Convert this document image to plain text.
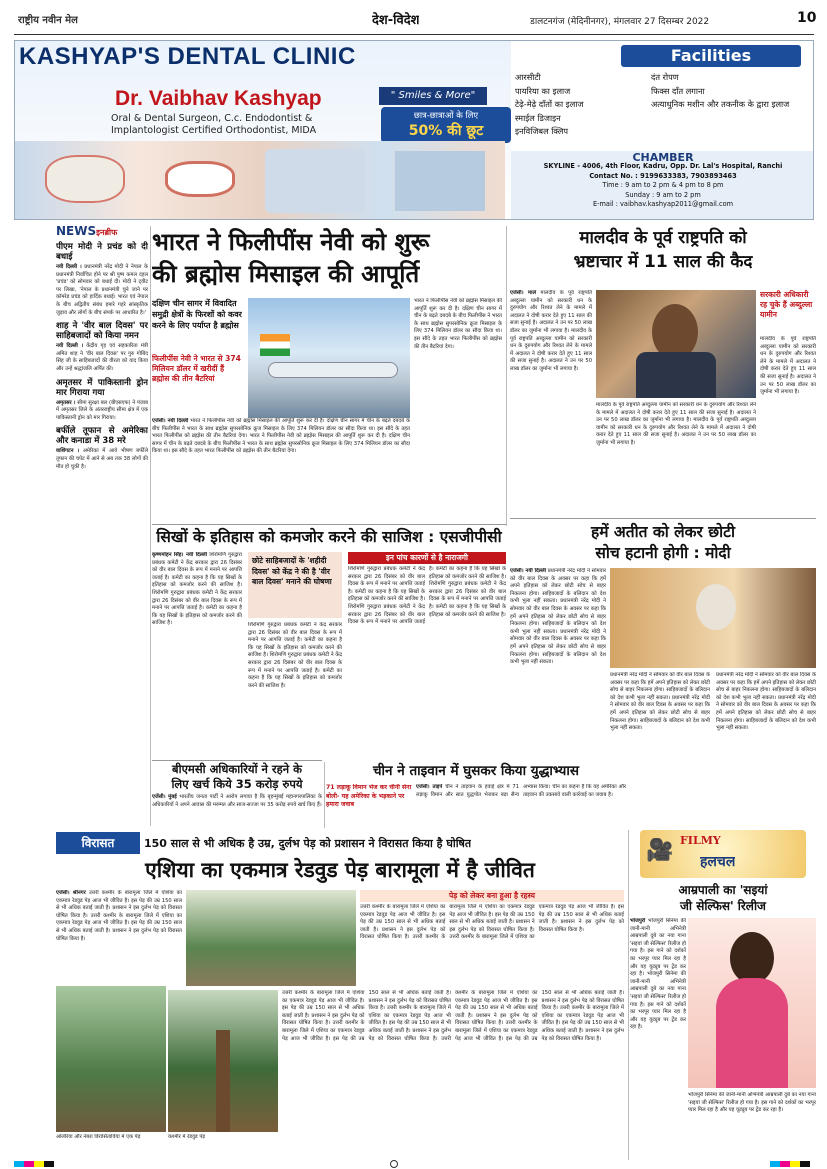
राष्ट्रीय नवीन मेल	देश-विदेश	डालटनगंज (मेदिनीनगर), मंगलवार 27 दिसम्बर 2022	10
KASHYAP'S DENTAL CLINIC
Dr. Vaibhav Kashyap	" Smiles & More"
Oral & Dental Surgeon, C.c. Endodontist &
Implantologist Certified Orthodontist, MIDA
छात्र-छात्राओं के लिए
50% की छूट
Facilities
आरसीटी
पायरिया का इलाज
टेढ़े-मेढ़े दाँतों का इलाज
स्माईल डिजाइन
इनविजिबल क्लिप
दंत रोपण
फिक्स दाँत लगाना
अत्याधुनिक मशीन और तकनीक के द्वारा इलाज
CHAMBER
SKYLINE - 4006, 4th Floor, Kadru, Opp. Dr. Lal's Hospital, Ranchi
Contact No. : 9199633383, 7903893463
Time : 9 am to 2 pm & 4 pm to 8 pm
Sunday : 9 am to 2 pm
E-mail : vaibhav.kashyap2011@gmail.com
NEWSइनब्रीफ
पीएम मोदी ने प्रचंड को दी बधाई

नयी दिल्ली । प्रधानमंत्री नरेंद्र मोदी ने नेपाल के प्रधानमंत्री निर्वाचित होने पर श्री पुष्प कमल दहल 'प्रचंड' को सोमवार को बधाई दी। मोदी ने ट्वीट पर लिखा, 'नेपाल के प्रधानमंत्री चुने जाने पर कॉमरेड प्रचंड को हार्दिक बधाई। भारत एवं नेपाल के बीच अद्वितीय संबंध हमारे गहरे सांस्कृतिक जुड़ाव और लोगों के बीच संपर्क पर आधारित है।'

शाह ने 'वीर बाल दिवस' पर साहिबजादों को किया नमन

नयी दिल्ली । केंद्रीय गृह एवं सहकारिता मंत्री अमित शाह ने 'वीर बाल दिवस' पर गुरु गोबिंद सिंह जी के साहिबजादों की वीरता को याद किया और उन्हें श्रद्धांजलि अर्पित की।

अमृतसर में पाकिस्तानी ड्रोन मार गिराया गया

अमृतसर । सीमा सुरक्षा बल (बीएसएफ) ने पंजाब में अमृतसर जिले के अंतरराष्ट्रीय सीमा क्षेत्र में एक पाकिस्तानी ड्रोन को मार गिराया।

बर्फीले तूफान से अमेरिका और कनाडा में 38 मरे

वाशिंगटन । अमेरिका में आये भीषण बर्फीले तूफान की चपेट में आने से अब तक 38 लोगों की मौत हो चुकी है।

भारत ने फिलीपींस नेवी को शुरू
की ब्रह्मोस मिसाइल की आपूर्ति
दक्षिण चीन सागर में विवादित समुद्री क्षेत्रों के फिरशों को कवर करने के लिए पर्याप्त है ब्रह्मोस
फिलीपींस नेवी ने भारत से 374 मिलियन डॉलर में खरीदीं हैं ब्रह्मोस की तीन बैटरियां
भारत ने फिलीपींस नेवी को ब्रह्मोस मिसाइल की आपूर्ति शुरू कर दी है। दक्षिण चीन सागर में चीन के बढ़ते दबदबे के बीच फिलीपींस ने भारत के साथ ब्रह्मोस सुपरसोनिक क्रूज मिसाइल के लिए 374 मिलियन डॉलर का सौदा किया था। इस सौदे के तहत भारत फिलीपींस को ब्रह्मोस की तीन बैटरियां देगा।
एजेंसी। नयी दिल्ली भारत ने फिलीपींस नेवी को ब्रह्मोस मिसाइल की आपूर्ति शुरू कर दी है। दक्षिण चीन सागर में चीन के बढ़ते दबदबे के बीच फिलीपींस ने भारत के साथ ब्रह्मोस सुपरसोनिक क्रूज मिसाइल के लिए 374 मिलियन डॉलर का सौदा किया था। इस सौदे के तहत भारत फिलीपींस को ब्रह्मोस की तीन बैटरियां देगा। भारत ने फिलीपींस नेवी को ब्रह्मोस मिसाइल की आपूर्ति शुरू कर दी है। दक्षिण चीन सागर में चीन के बढ़ते दबदबे के बीच फिलीपींस ने भारत के साथ ब्रह्मोस सुपरसोनिक क्रूज मिसाइल के लिए 374 मिलियन डॉलर का सौदा किया था। इस सौदे के तहत भारत फिलीपींस को ब्रह्मोस की तीन बैटरियां देगा।
मालदीव के पूर्व राष्ट्रपति को
भ्रष्टाचार में 11 साल की कैद
एजेंसी। माले मालदीव के पूर्व राष्ट्रपति अब्दुल्ला यामीन को सरकारी धन के दुरुपयोग और रिश्वत लेने के मामले में अदालत ने दोषी करार देते हुए 11 साल की सजा सुनाई है। अदालत ने उन पर 50 लाख डॉलर का जुर्माना भी लगाया है। मालदीव के पूर्व राष्ट्रपति अब्दुल्ला यामीन को सरकारी धन के दुरुपयोग और रिश्वत लेने के मामले में अदालत ने दोषी करार देते हुए 11 साल की सजा सुनाई है। अदालत ने उन पर 50 लाख डॉलर का जुर्माना भी लगाया है।
सरकारी अधिकारी रह चुके हैं अब्दुल्ला यामीन
मालदीव के पूर्व राष्ट्रपति अब्दुल्ला यामीन को सरकारी धन के दुरुपयोग और रिश्वत लेने के मामले में अदालत ने दोषी करार देते हुए 11 साल की सजा सुनाई है। अदालत ने उन पर 50 लाख डॉलर का जुर्माना भी लगाया है।
मालदीव के पूर्व राष्ट्रपति अब्दुल्ला यामीन को सरकारी धन के दुरुपयोग और रिश्वत लेने के मामले में अदालत ने दोषी करार देते हुए 11 साल की सजा सुनाई है। अदालत ने उन पर 50 लाख डॉलर का जुर्माना भी लगाया है। मालदीव के पूर्व राष्ट्रपति अब्दुल्ला यामीन को सरकारी धन के दुरुपयोग और रिश्वत लेने के मामले में अदालत ने दोषी करार देते हुए 11 साल की सजा सुनाई है। अदालत ने उन पर 50 लाख डॉलर का जुर्माना भी लगाया है।
हमें अतीत को लेकर छोटी
सोच हटानी होगी : मोदी
एजेंसी। नयी दिल्ली प्रधानमंत्री नरेंद्र मोदी ने सोमवार को वीर बाल दिवस के अवसर पर कहा कि हमें अपने इतिहास को लेकर छोटी सोच से बाहर निकलना होगा। साहिबजादों के बलिदान को देश कभी भुला नहीं सकता। प्रधानमंत्री नरेंद्र मोदी ने सोमवार को वीर बाल दिवस के अवसर पर कहा कि हमें अपने इतिहास को लेकर छोटी सोच से बाहर निकलना होगा। साहिबजादों के बलिदान को देश कभी भुला नहीं सकता। प्रधानमंत्री नरेंद्र मोदी ने सोमवार को वीर बाल दिवस के अवसर पर कहा कि हमें अपने इतिहास को लेकर छोटी सोच से बाहर निकलना होगा। साहिबजादों के बलिदान को देश कभी भुला नहीं सकता।
प्रधानमंत्री नरेंद्र मोदी ने सोमवार को वीर बाल दिवस के अवसर पर कहा कि हमें अपने इतिहास को लेकर छोटी सोच से बाहर निकलना होगा। साहिबजादों के बलिदान को देश कभी भुला नहीं सकता। प्रधानमंत्री नरेंद्र मोदी ने सोमवार को वीर बाल दिवस के अवसर पर कहा कि हमें अपने इतिहास को लेकर छोटी सोच से बाहर निकलना होगा। साहिबजादों के बलिदान को देश कभी भुला नहीं सकता।
प्रधानमंत्री नरेंद्र मोदी ने सोमवार को वीर बाल दिवस के अवसर पर कहा कि हमें अपने इतिहास को लेकर छोटी सोच से बाहर निकलना होगा। साहिबजादों के बलिदान को देश कभी भुला नहीं सकता। प्रधानमंत्री नरेंद्र मोदी ने सोमवार को वीर बाल दिवस के अवसर पर कहा कि हमें अपने इतिहास को लेकर छोटी सोच से बाहर निकलना होगा। साहिबजादों के बलिदान को देश कभी भुला नहीं सकता।
सिखों के इतिहास को कमजोर करने की साजिश : एसजीपीसी
कृष्णमोहन सिंह। नयी दिल्ली शिरोमणि गुरुद्वारा प्रबंधक कमेटी ने केंद्र सरकार द्वारा 26 दिसंबर को वीर बाल दिवस के रूप में मनाने पर आपत्ति जताई है। कमेटी का कहना है कि यह सिखों के इतिहास को कमजोर करने की साजिश है। शिरोमणि गुरुद्वारा प्रबंधक कमेटी ने केंद्र सरकार द्वारा 26 दिसंबर को वीर बाल दिवस के रूप में मनाने पर आपत्ति जताई है। कमेटी का कहना है कि यह सिखों के इतिहास को कमजोर करने की साजिश है।
छोटे साहिबजादों के 'शहीदी दिवस' को केंद्र ने की है 'वीर बाल दिवस' मनाने की घोषणा
शिरोमणि गुरुद्वारा प्रबंधक कमेटी ने केंद्र सरकार द्वारा 26 दिसंबर को वीर बाल दिवस के रूप में मनाने पर आपत्ति जताई है। कमेटी का कहना है कि यह सिखों के इतिहास को कमजोर करने की साजिश है। शिरोमणि गुरुद्वारा प्रबंधक कमेटी ने केंद्र सरकार द्वारा 26 दिसंबर को वीर बाल दिवस के रूप में मनाने पर आपत्ति जताई है। कमेटी का कहना है कि यह सिखों के इतिहास को कमजोर करने की साजिश है।
इन पांच कारणों से है नाराजगी
शिरोमणि गुरुद्वारा प्रबंधक कमेटी ने केंद्र सरकार द्वारा 26 दिसंबर को वीर बाल दिवस के रूप में मनाने पर आपत्ति जताई है। कमेटी का कहना है कि यह सिखों के इतिहास को कमजोर करने की साजिश है। शिरोमणि गुरुद्वारा प्रबंधक कमेटी ने केंद्र सरकार द्वारा 26 दिसंबर को वीर बाल दिवस के रूप में मनाने पर आपत्ति जताई है। कमेटी का कहना है कि यह सिखों के इतिहास को कमजोर करने की साजिश है। शिरोमणि गुरुद्वारा प्रबंधक कमेटी ने केंद्र सरकार द्वारा 26 दिसंबर को वीर बाल दिवस के रूप में मनाने पर आपत्ति जताई है। कमेटी का कहना है कि यह सिखों के इतिहास को कमजोर करने की साजिश है।
बीएमसी अधिकारियों ने रहने के
लिए खर्च किये 35 करोड़ रुपये
एजेंसी। मुंबई भारतीय जनता पार्टी ने आरोप लगाया है कि बृहन्मुंबई महानगरपालिका के अधिकारियों ने अपने आवास की मरम्मत और साज-सज्जा पर 35 करोड़ रुपये खर्च किए हैं।
चीन ने ताइवान में घुसकर किया युद्धाभ्यास
71 लड़ाकू विमान भेज कर चीनी सेना बोली- यह अमेरिका के भड़काने पर हमारा जवाब
एजेंसी। ताइपे चीन ने ताइवान के हवाई क्षेत्र में 71 लड़ाकू विमान और सात युद्धपोत भेजकर बड़ा सैन्य अभ्यास किया। चीन का कहना है कि यह अमेरिका और ताइवान की उकसावे वाली कार्रवाई का जवाब है।
FILMY
हलचल
🎥
आम्रपाली का 'सइयां
जी सेल्फिस' रिलीज
भोजपुरी भोजपुरी सिनेमा की जानी-मानी अभिनेत्री आम्रपाली दुबे का नया गाना 'सइयां जी सेल्फिस' रिलीज हो गया है। इस गाने को दर्शकों का भरपूर प्यार मिल रहा है और यह यूट्यूब पर ट्रेंड कर रहा है। भोजपुरी सिनेमा की जानी-मानी अभिनेत्री आम्रपाली दुबे का नया गाना 'सइयां जी सेल्फिस' रिलीज हो गया है। इस गाने को दर्शकों का भरपूर प्यार मिल रहा है और यह यूट्यूब पर ट्रेंड कर रहा है।
भोजपुरी सिनेमा की जानी-मानी अभिनेत्री आम्रपाली दुबे का नया गाना 'सइयां जी सेल्फिस' रिलीज हो गया है। इस गाने को दर्शकों का भरपूर प्यार मिल रहा है और यह यूट्यूब पर ट्रेंड कर रहा है।
विरासत	150 साल से भी अधिक है उम्र, दुर्लभ पेड़ को प्रशासन ने विरासत किया है घोषित
एशिया का एकमात्र रेडवुड पेड़ बारामूला में है जीवित
एजेंसी। श्रीनगर उत्तरी कश्मीर के बारामूला जिले में एशिया का एकमात्र रेडवुड पेड़ आज भी जीवित है। इस पेड़ की उम्र 150 साल से भी अधिक बताई जाती है। प्रशासन ने इस दुर्लभ पेड़ को विरासत घोषित किया है। उत्तरी कश्मीर के बारामूला जिले में एशिया का एकमात्र रेडवुड पेड़ आज भी जीवित है। इस पेड़ की उम्र 150 साल से भी अधिक बताई जाती है। प्रशासन ने इस दुर्लभ पेड़ को विरासत घोषित किया है।
ओलेरिया और नेबरा विरासिताविया में एक पेड़	कश्मीर में रेडवुड पेड़
पेड़ को लेकर बना हुआ है रहस्य
उत्तरी कश्मीर के बारामूला जिले में एशिया का एकमात्र रेडवुड पेड़ आज भी जीवित है। इस पेड़ की उम्र 150 साल से भी अधिक बताई जाती है। प्रशासन ने इस दुर्लभ पेड़ को विरासत घोषित किया है। उत्तरी कश्मीर के बारामूला जिले में एशिया का एकमात्र रेडवुड पेड़ आज भी जीवित है। इस पेड़ की उम्र 150 साल से भी अधिक बताई जाती है। प्रशासन ने इस दुर्लभ पेड़ को विरासत घोषित किया है। उत्तरी कश्मीर के बारामूला जिले में एशिया का एकमात्र रेडवुड पेड़ आज भी जीवित है। इस पेड़ की उम्र 150 साल से भी अधिक बताई जाती है। प्रशासन ने इस दुर्लभ पेड़ को विरासत घोषित किया है।
उत्तरी कश्मीर के बारामूला जिले में एशिया का एकमात्र रेडवुड पेड़ आज भी जीवित है। इस पेड़ की उम्र 150 साल से भी अधिक बताई जाती है। प्रशासन ने इस दुर्लभ पेड़ को विरासत घोषित किया है। उत्तरी कश्मीर के बारामूला जिले में एशिया का एकमात्र रेडवुड पेड़ आज भी जीवित है। इस पेड़ की उम्र 150 साल से भी अधिक बताई जाती है। प्रशासन ने इस दुर्लभ पेड़ को विरासत घोषित किया है। उत्तरी कश्मीर के बारामूला जिले में एशिया का एकमात्र रेडवुड पेड़ आज भी जीवित है। इस पेड़ की उम्र 150 साल से भी अधिक बताई जाती है। प्रशासन ने इस दुर्लभ पेड़ को विरासत घोषित किया है। उत्तरी कश्मीर के बारामूला जिले में एशिया का एकमात्र रेडवुड पेड़ आज भी जीवित है। इस पेड़ की उम्र 150 साल से भी अधिक बताई जाती है। प्रशासन ने इस दुर्लभ पेड़ को विरासत घोषित किया है। उत्तरी कश्मीर के बारामूला जिले में एशिया का एकमात्र रेडवुड पेड़ आज भी जीवित है। इस पेड़ की उम्र 150 साल से भी अधिक बताई जाती है। प्रशासन ने इस दुर्लभ पेड़ को विरासत घोषित किया है। उत्तरी कश्मीर के बारामूला जिले में एशिया का एकमात्र रेडवुड पेड़ आज भी जीवित है। इस पेड़ की उम्र 150 साल से भी अधिक बताई जाती है। प्रशासन ने इस दुर्लभ पेड़ को विरासत घोषित किया है।
